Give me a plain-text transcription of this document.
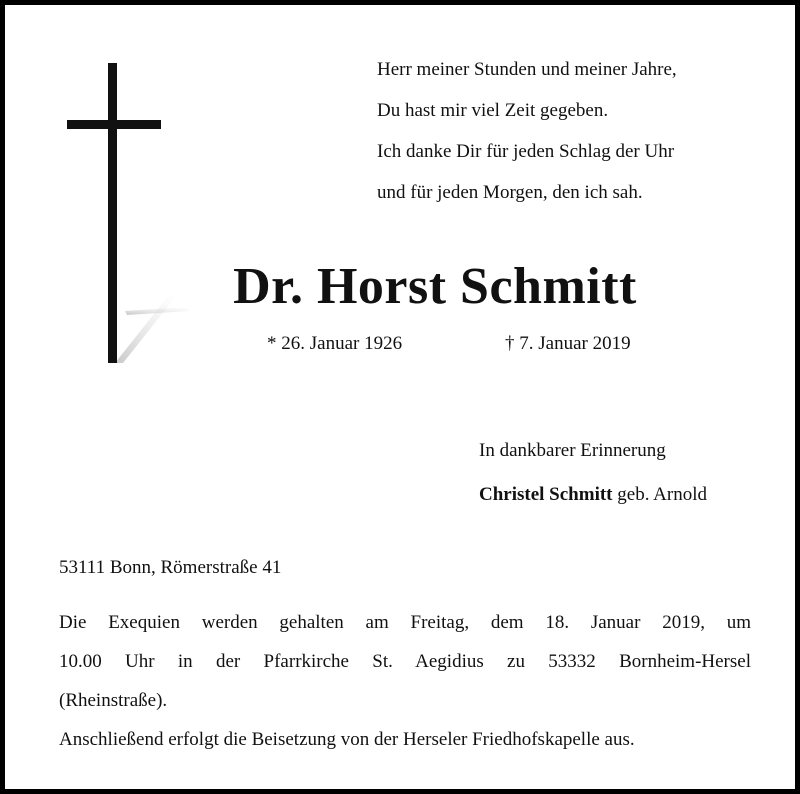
Herr meiner Stunden und meiner Jahre,
Du hast mir viel Zeit gegeben.
Ich danke Dir für jeden Schlag der Uhr
und für jeden Morgen, den ich sah.
Dr. Horst Schmitt
* 26. Januar 1926	† 7. Januar 2019
In dankbarer Erinnerung
Christel Schmitt geb. Arnold
53111 Bonn, Römerstraße 41
Die Exequien werden gehalten am Freitag, dem 18. Januar 2019, um
10.00 Uhr in der Pfarrkirche St. Aegidius zu 53332 Bornheim-Hersel
(Rheinstraße).
Anschließend erfolgt die Beisetzung von der Herseler Friedhofskapelle aus.
